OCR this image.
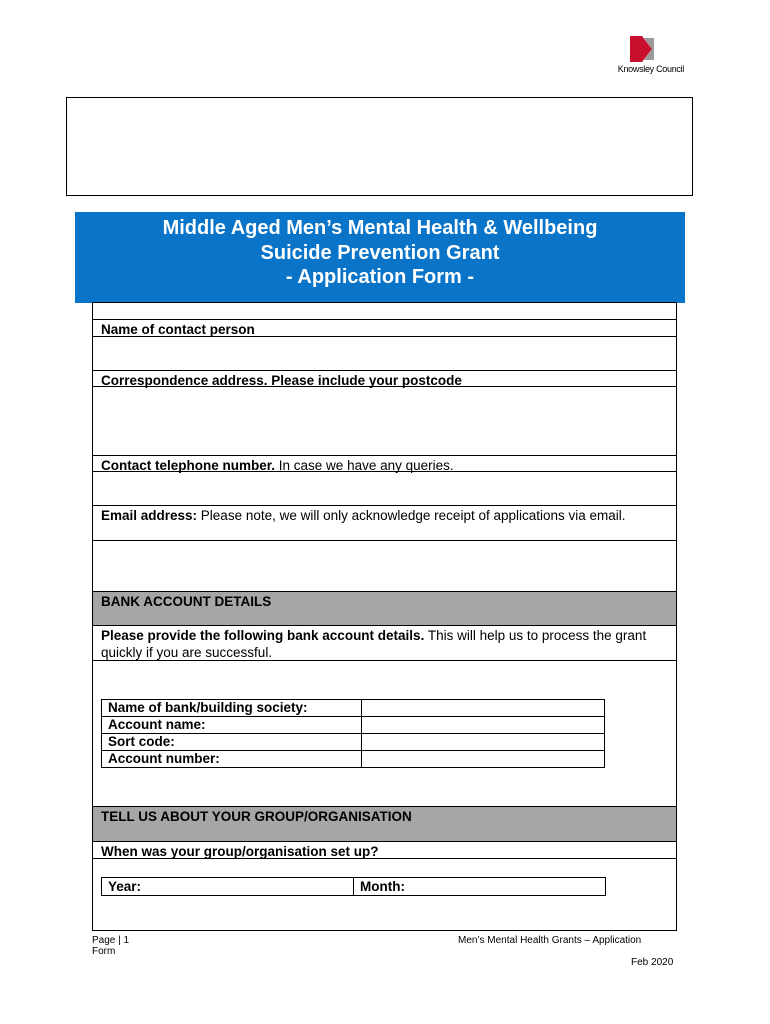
Knowsley Council
Middle Aged Men’s Mental Health & Wellbeing
Suicide Prevention Grant
- Application Form -
Name of contact person
Correspondence address. Please include your postcode
Contact telephone number. In case we have any queries.
Email address: Please note, we will only acknowledge receipt of applications via email.
BANK ACCOUNT DETAILS
Please provide the following bank account details. This will help us to process the grant quickly if you are successful.
TELL US ABOUT YOUR GROUP/ORGANISATION
When was your group/organisation set up?
Name of bank/building society:	
Account name:	
Sort code:	
Account number:	
Year:	Month:
Page | 1
Form
Men’s Mental Health Grants – Application
Feb 2020
